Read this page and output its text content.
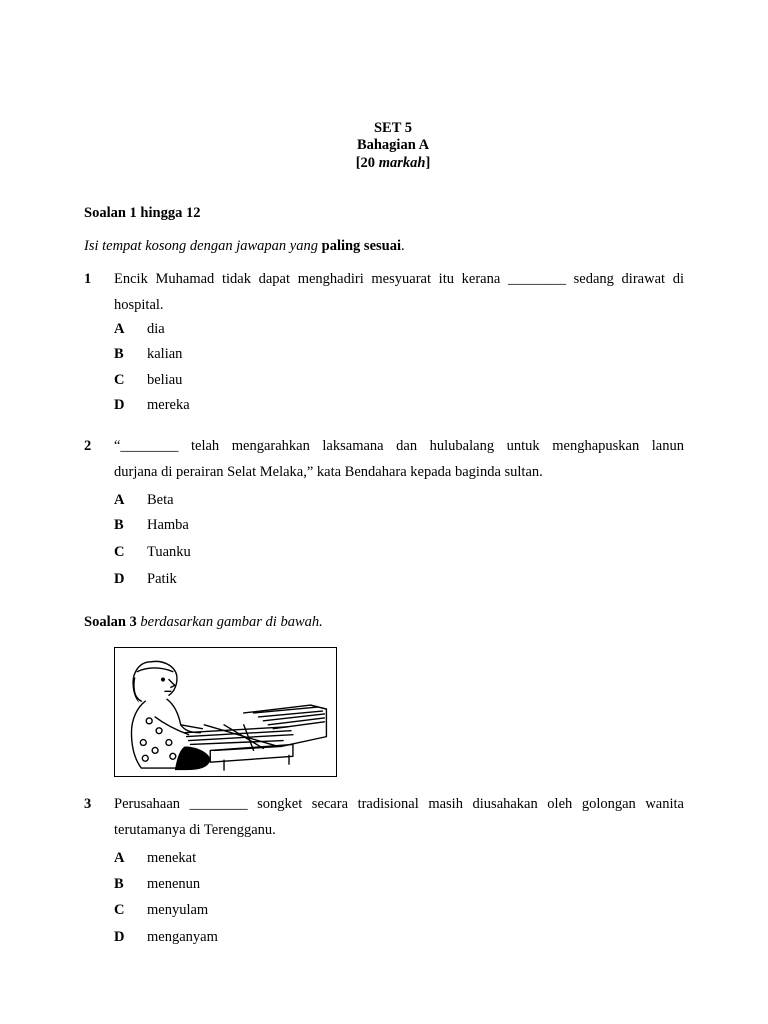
SET 5
Bahagian A
[20 markah]
Soalan 1 hingga 12
Isi tempat kosong dengan jawapan yang paling sesuai.
1 Encik Muhamad tidak dapat menghadiri mesyuarat itu kerana ________ sedang dirawat di
hospital.
A dia
B kalian
C beliau
D mereka
2 “________ telah mengarahkan laksamana dan hulubalang untuk menghapuskan lanun
durjana di perairan Selat Melaka,” kata Bendahara kepada baginda sultan.
A Beta
B Hamba
C Tuanku
D Patik
Soalan 3 berdasarkan gambar di bawah.
3 Perusahaan ________ songket secara tradisional masih diusahakan oleh golongan wanita
terutamanya di Terengganu.
A menekat
B menenun
C menyulam
D menganyam
